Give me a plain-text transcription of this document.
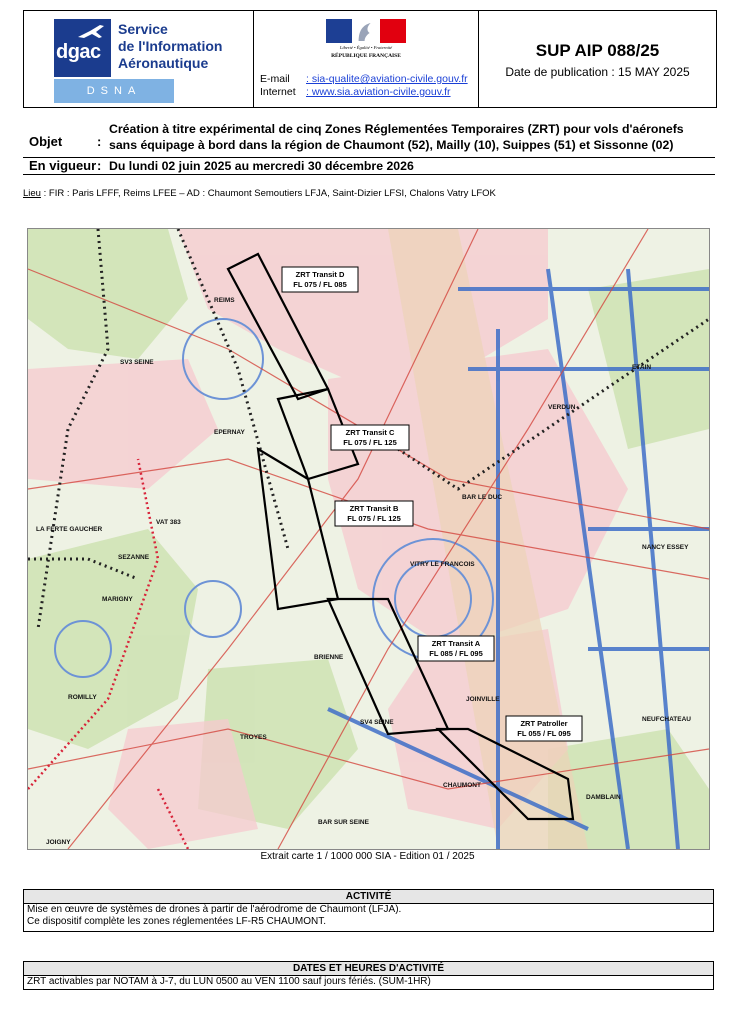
dgac
Service
de l'Information
Aéronautique
DSNA
Liberté • Égalité • Fraternité
RÉPUBLIQUE FRANÇAISE
E-mail : sia-qualite@aviation-civile.gouv.fr
Internet : www.sia.aviation-civile.gouv.fr
SUP AIP 088/25
Date de publication : 15 MAY 2025
Objet	:
Création à titre expérimental de cinq Zones Réglementées Temporaires (ZRT) pour vols d'aéronefs sans équipage à bord dans la région de Chaumont (52), Mailly (10), Suippes (51) et Sissonne (02)
En vigueur : Du lundi 02 juin 2025 au mercredi 30 décembre 2026
Lieu : FIR : Paris LFFF, Reims LFEE – AD : Chaumont Semoutiers LFJA, Saint-Dizier LFSI, Chalons Vatry LFOK
REIMS
SV3 SEINE
EPERNAY
MARIGNY
VITRY LE FRANCOIS
BAR LE DUC
JOINVILLE
CHAUMONT
ETAIN
NANCY ESSEY
NEUFCHATEAU
TROYES
BRIENNE
LA FERTE GAUCHER
VERDUN
DAMBLAIN
BAR SUR SEINE
JOIGNY
SEZANNE
SV4 SEINE
VAT 383
ROMILLY
ZRT Transit D
FL 075 / FL 085
ZRT Transit C
FL 075 / FL 125
ZRT Transit B
FL 075 / FL 125
ZRT Transit A
FL 085 / FL 095
ZRT Patroller
FL 055 / FL 095
Extrait carte 1 / 1000 000 SIA - Edition 01 / 2025
ACTIVITÉ
Mise en œuvre de systèmes de drones à partir de l'aérodrome de Chaumont (LFJA).
Ce dispositif complète les zones réglementées LF-R5 CHAUMONT.
DATES ET HEURES D'ACTIVITÉ
ZRT activables par NOTAM à J-7, du LUN 0500 au VEN 1100 sauf jours fériés. (SUM-1HR)
